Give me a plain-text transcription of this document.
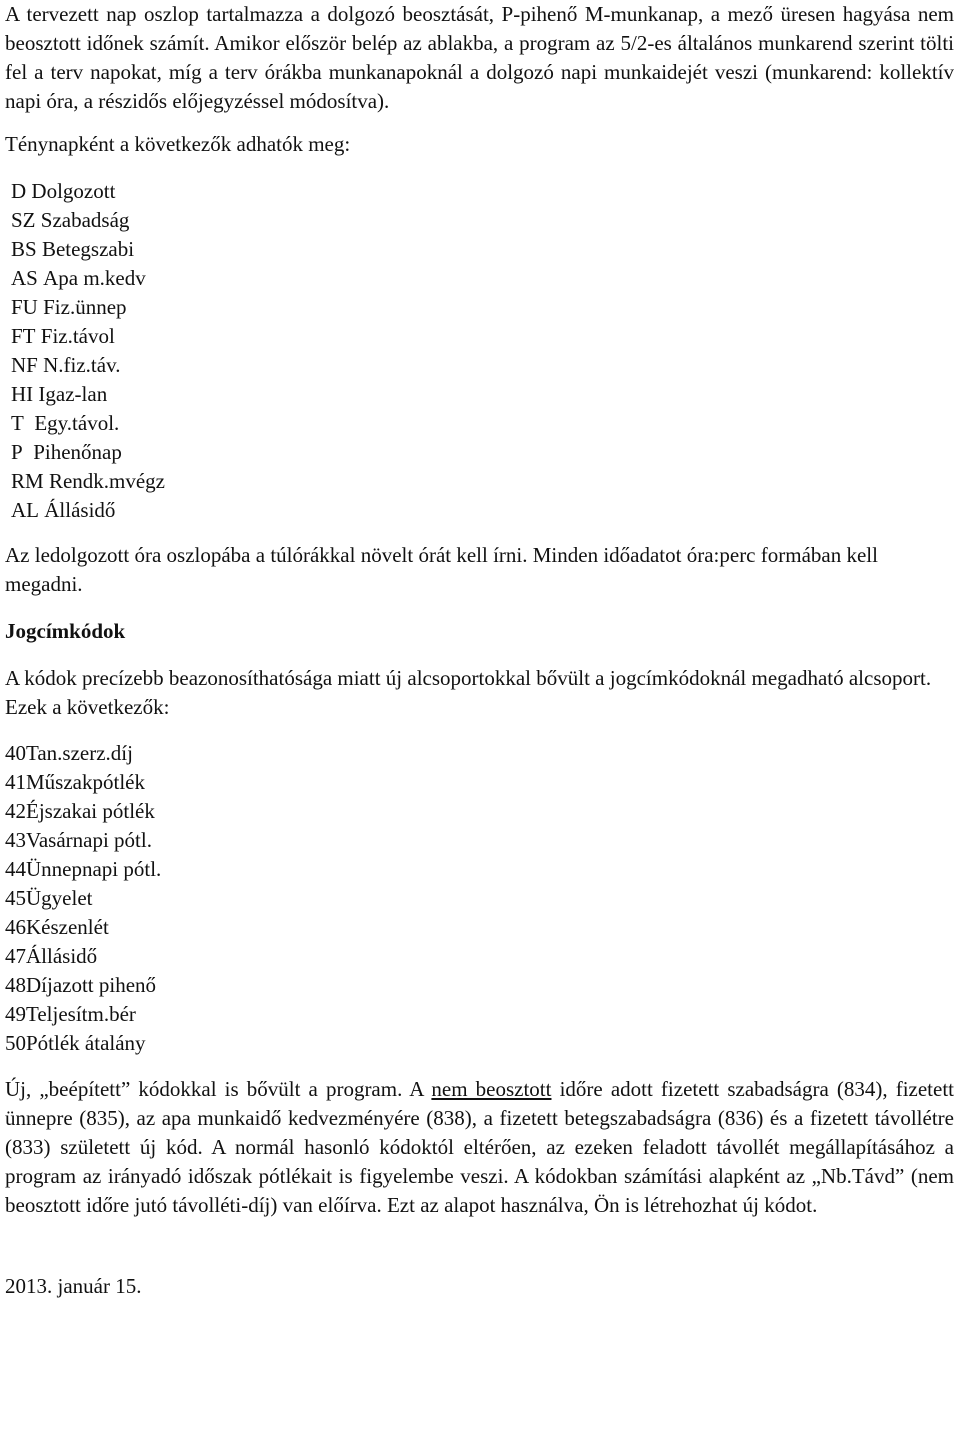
A tervezett nap oszlop tartalmazza a dolgozó beosztását, P-pihenő M-munkanap, a mező üresen hagyása nem beosztott időnek számít. Amikor először belép az ablakba, a program az 5/2-es általános munkarend szerint tölti fel a terv napokat, míg a terv órákba munkanapoknál a dolgozó napi munkaidejét veszi (munkarend: kollektív napi óra, a részidős előjegyzéssel módosítva).

Ténynapként a következők adhatók meg:

D Dolgozott
SZ Szabadság
BS Betegszabi
AS Apa m.kedv
FU Fiz.ünnep
FT Fiz.távol
NF N.fiz.táv.
HI Igaz-lan
T Egy.távol.
P Pihenőnap
RM Rendk.mvégz
AL Állásidő

Az ledolgozott óra oszlopába a túlórákkal növelt órát kell írni. Minden időadatot óra:perc formában kell megadni.

Jogcímkódok

A kódok precízebb beazonosíthatósága miatt új alcsoportokkal bővült a jogcímkódoknál megadható alcsoport. Ezek a következők:

40Tan.szerz.díj
41Műszakpótlék
42Éjszakai pótlék
43Vasárnapi pótl.
44Ünnepnapi pótl.
45Ügyelet
46Készenlét
47Állásidő
48Díjazott pihenő
49Teljesítm.bér
50Pótlék átalány

Új, „beépített” kódokkal is bővült a program. A nem beosztott időre adott fizetett szabadságra (834), fizetett ünnepre (835), az apa munkaidő kedvezményére (838), a fizetett betegszabadságra (836) és a fizetett távollétre (833) született új kód. A normál hasonló kódoktól eltérően, az ezeken feladott távollét megállapításához a program az irányadó időszak pótlékait is figyelembe veszi. A kódokban számítási alapként az „Nb.Távd” (nem beosztott időre jutó távolléti-díj) van előírva. Ezt az alapot használva, Ön is létrehozhat új kódot.

2013. január 15.
